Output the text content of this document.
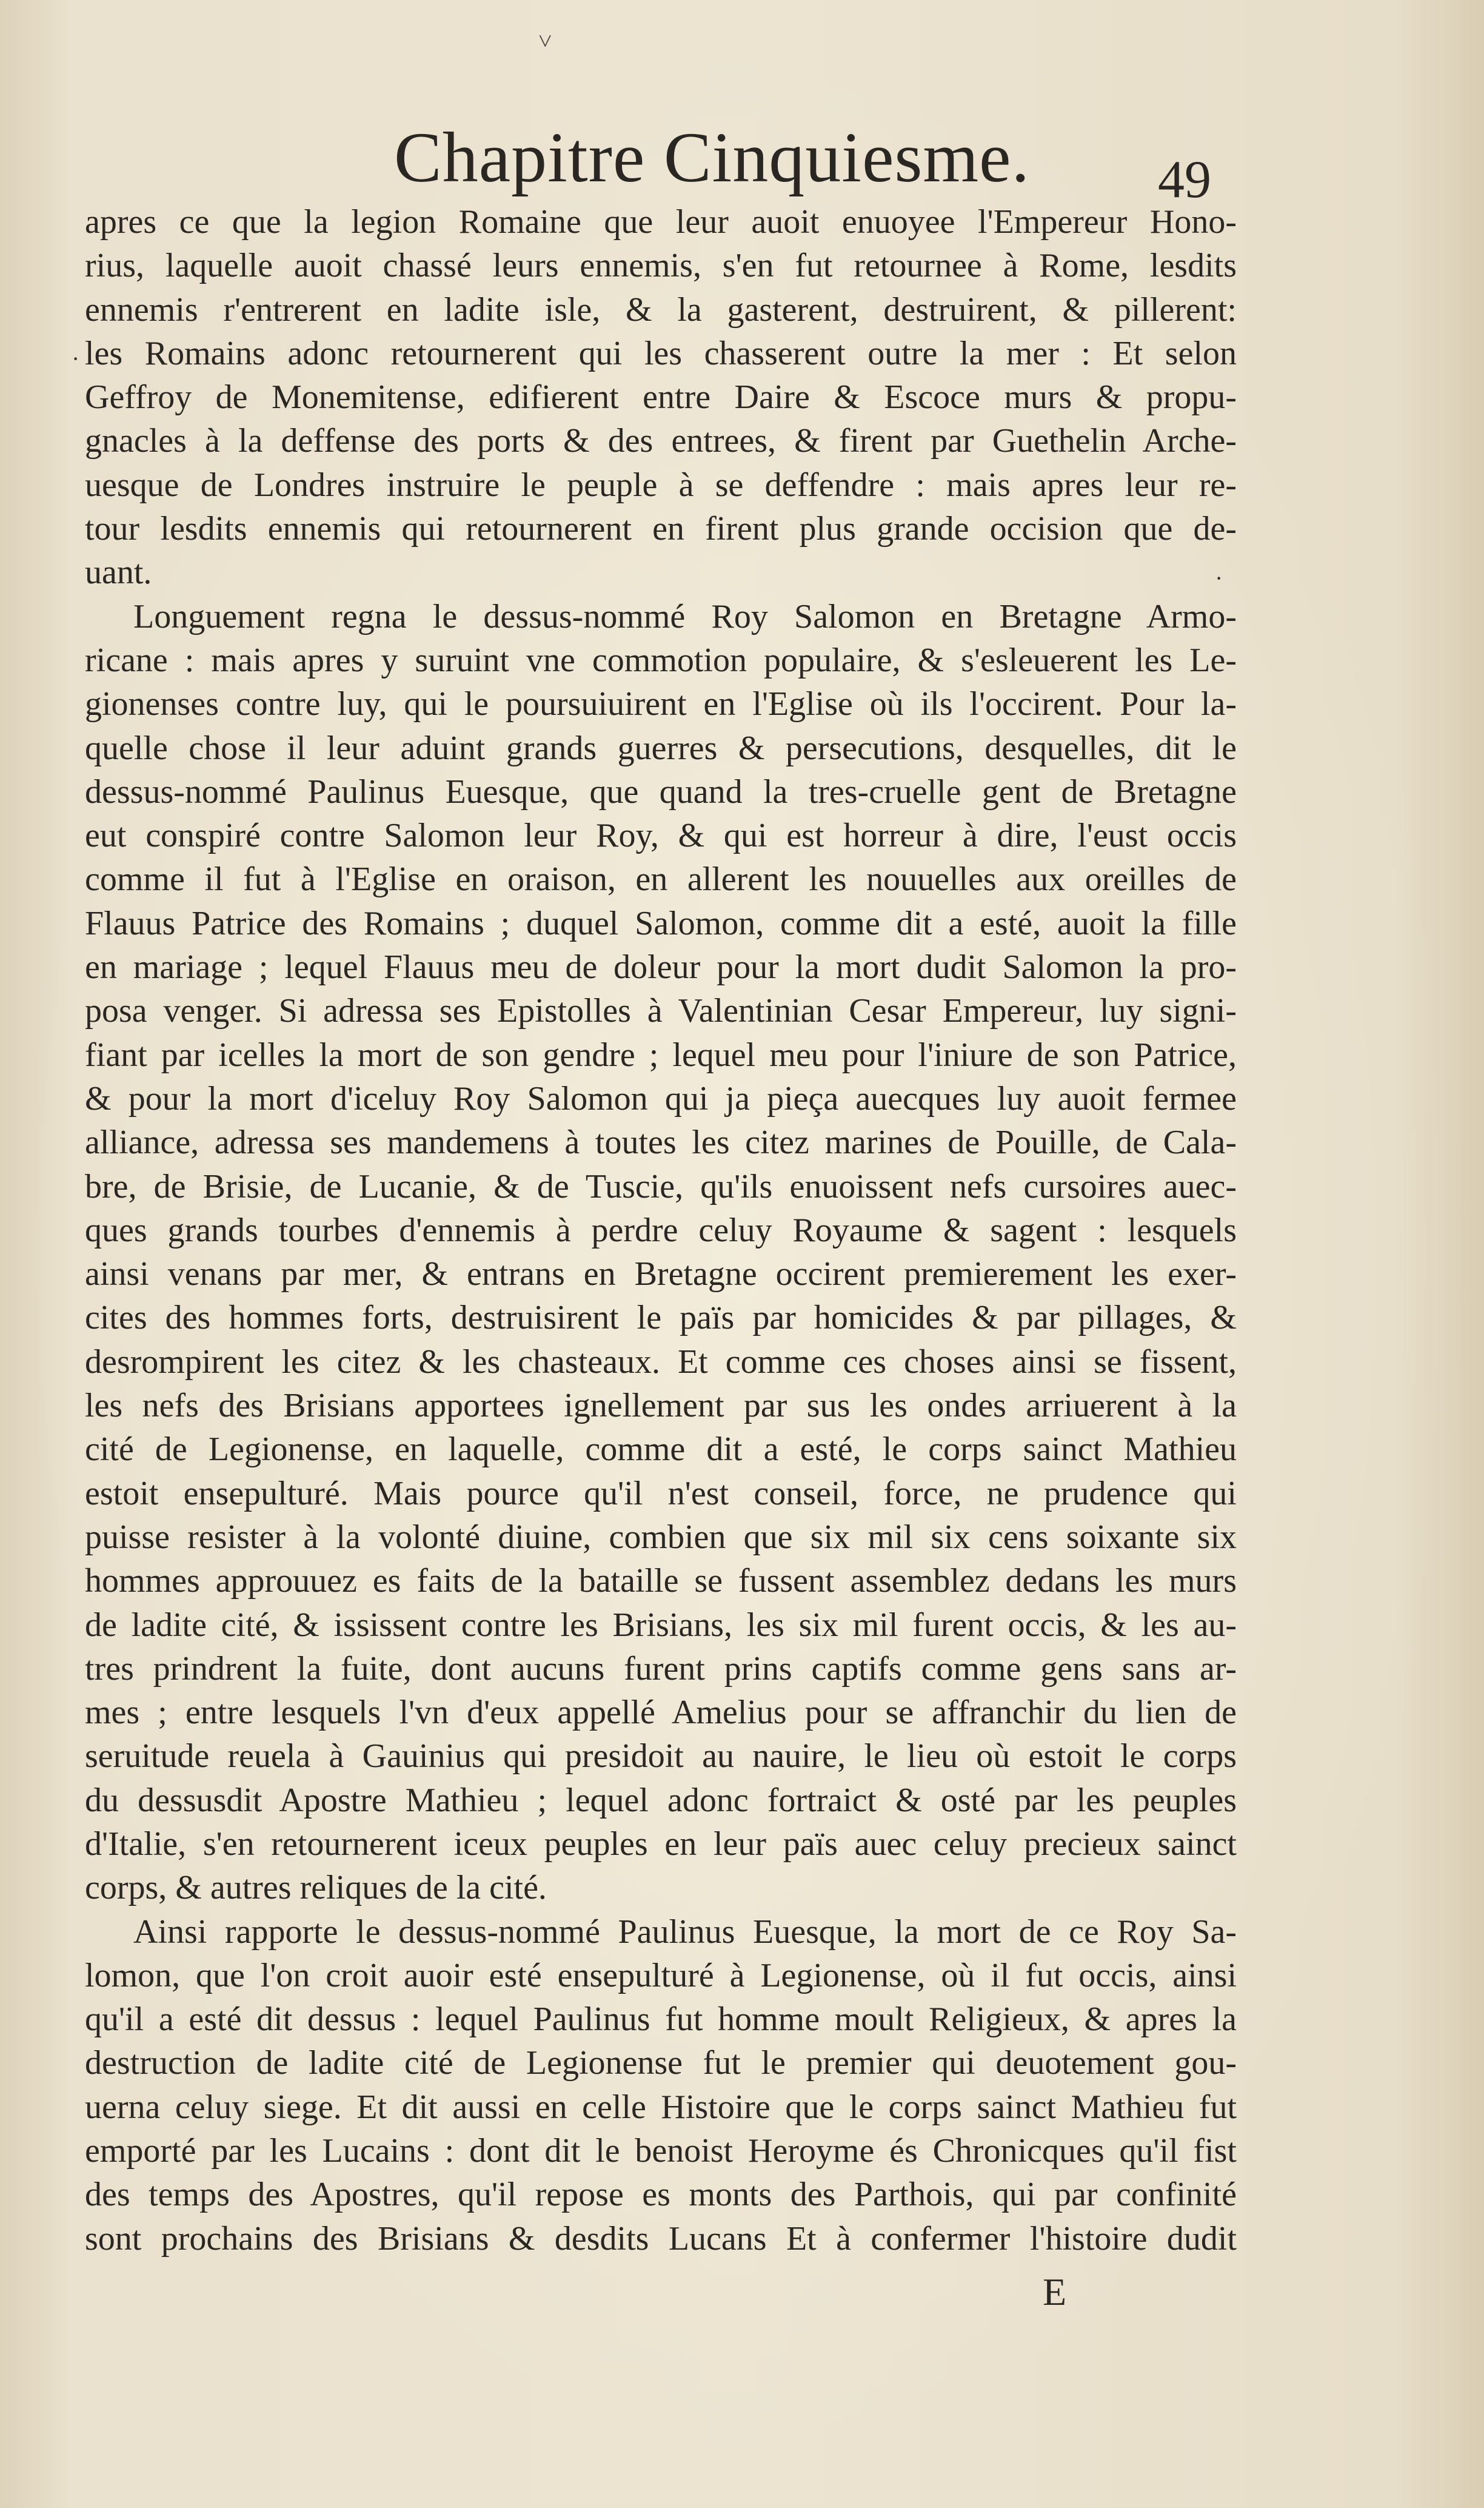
˅
·
·
Chapitre Cinquiesme. 49
apres ce que la legion Romaine que leur auoit enuoyee l'Empereur Hono-
rius, laquelle auoit chassé leurs ennemis, s'en fut retournee à Rome, lesdits
ennemis r'entrerent en ladite isle, & la gasterent, destruirent, & pillerent:
les Romains adonc retournerent qui les chasserent outre la mer : Et selon
Geffroy de Monemitense, edifierent entre Daire & Escoce murs & propu-
gnacles à la deffense des ports & des entrees, & firent par Guethelin Arche-
uesque de Londres instruire le peuple à se deffendre : mais apres leur re-
tour lesdits ennemis qui retournerent en firent plus grande occision que de-
uant.
Longuement regna le dessus-nommé Roy Salomon en Bretagne Armo-
ricane : mais apres y suruint vne commotion populaire, & s'esleuerent les Le-
gionenses contre luy, qui le poursuiuirent en l'Eglise où ils l'occirent. Pour la-
quelle chose il leur aduint grands guerres & persecutions, desquelles, dit le
dessus-nommé Paulinus Euesque, que quand la tres-cruelle gent de Bretagne
eut conspiré contre Salomon leur Roy, & qui est horreur à dire, l'eust occis
comme il fut à l'Eglise en oraison, en allerent les nouuelles aux oreilles de
Flauus Patrice des Romains ; duquel Salomon, comme dit a esté, auoit la fille
en mariage ; lequel Flauus meu de doleur pour la mort dudit Salomon la pro-
posa venger. Si adressa ses Epistolles à Valentinian Cesar Empereur, luy signi-
fiant par icelles la mort de son gendre ; lequel meu pour l'iniure de son Patrice,
& pour la mort d'iceluy Roy Salomon qui ja pieça auecques luy auoit fermee
alliance, adressa ses mandemens à toutes les citez marines de Pouille, de Cala-
bre, de Brisie, de Lucanie, & de Tuscie, qu'ils enuoissent nefs cursoires auec-
ques grands tourbes d'ennemis à perdre celuy Royaume & sagent : lesquels
ainsi venans par mer, & entrans en Bretagne occirent premierement les exer-
cites des hommes forts, destruisirent le païs par homicides & par pillages, &
desrompirent les citez & les chasteaux. Et comme ces choses ainsi se fissent,
les nefs des Brisians apportees ignellement par sus les ondes arriuerent à la
cité de Legionense, en laquelle, comme dit a esté, le corps sainct Mathieu
estoit ensepulturé. Mais pource qu'il n'est conseil, force, ne prudence qui
puisse resister à la volonté diuine, combien que six mil six cens soixante six
hommes approuuez es faits de la bataille se fussent assemblez dedans les murs
de ladite cité, & ississent contre les Brisians, les six mil furent occis, & les au-
tres prindrent la fuite, dont aucuns furent prins captifs comme gens sans ar-
mes ; entre lesquels l'vn d'eux appellé Amelius pour se affranchir du lien de
seruitude reuela à Gauinius qui presidoit au nauire, le lieu où estoit le corps
du dessusdit Apostre Mathieu ; lequel adonc fortraict & osté par les peuples
d'Italie, s'en retournerent iceux peuples en leur païs auec celuy precieux sainct
corps, & autres reliques de la cité.
Ainsi rapporte le dessus-nommé Paulinus Euesque, la mort de ce Roy Sa-
lomon, que l'on croit auoir esté ensepulturé à Legionense, où il fut occis, ainsi
qu'il a esté dit dessus : lequel Paulinus fut homme moult Religieux, & apres la
destruction de ladite cité de Legionense fut le premier qui deuotement gou-
uerna celuy siege. Et dit aussi en celle Histoire que le corps sainct Mathieu fut
emporté par les Lucains : dont dit le benoist Heroyme és Chronicques qu'il fist
des temps des Apostres, qu'il repose es monts des Parthois, qui par confinité
sont prochains des Brisians & desdits Lucans Et à confermer l'histoire dudit
E
